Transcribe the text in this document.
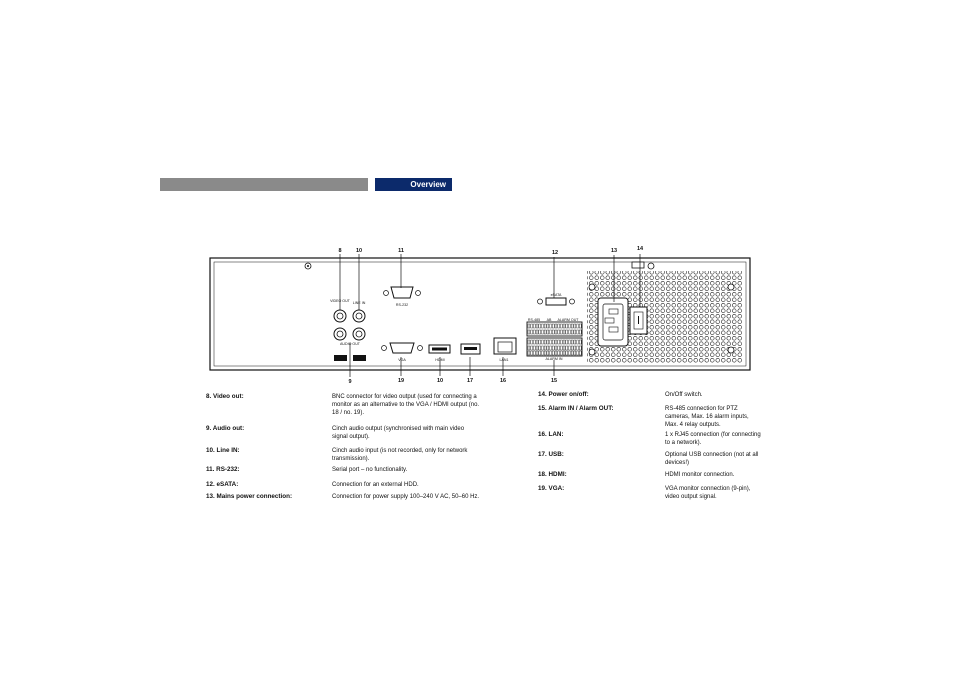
Overview
8	10	11	12	13	14
9	19	10	17	16	15
VIDEO OUT LINE IN
AUDIO OUT
RS-232
eSATA
VGA	HDMI	LAN1
RS-485 AB ALARM OUT
ALARM IN
8. Video out:	BNC connector for video output (used for connecting a monitor as an alternative to the VGA / HDMI output (no. 18 / no. 19).
9. Audio out:	Cinch audio output (synchronised with main video signal output).
10. Line IN:	Cinch audio input (is not recorded, only for network transmission).
11. RS-232:	Serial port – no functionality.
12. eSATA:	Connection for an external HDD.
13. Mains power connection:	Connection for power supply 100–240 V AC, 50–60 Hz.
14. Power on/off:	On/Off switch.
15. Alarm IN / Alarm OUT:	RS-485 connection for PTZ cameras, Max. 16 alarm inputs, Max. 4 relay outputs.
16. LAN:	1 x RJ45 connection (for connecting to a network).
17. USB:	Optional USB connection (not at all devices!)
18. HDMI:	HDMI monitor connection.
19. VGA:	VGA monitor connection (9-pin), video output signal.
